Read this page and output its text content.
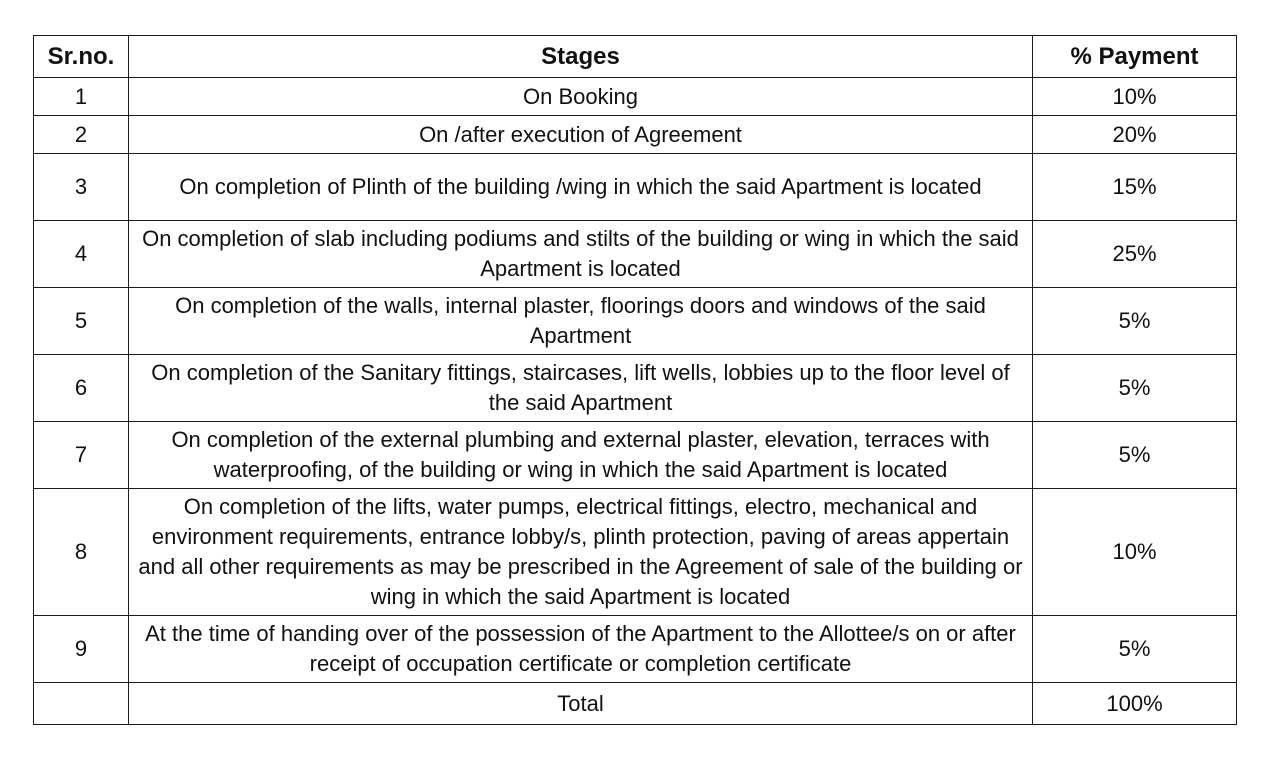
Sr.no.	Stages	% Payment
1	On Booking	10%
2	On /after execution of Agreement	20%
3	On completion of Plinth of the building /wing in which the said Apartment is located	15%
4	On completion of slab including podiums and stilts of the building or wing in which the said Apartment is located	25%
5	On completion of the walls, internal plaster, floorings doors and windows of the said Apartment	5%
6	On completion of the Sanitary fittings, staircases, lift wells, lobbies up to the floor level of the said Apartment	5%
7	On completion of the external plumbing and external plaster, elevation, terraces with waterproofing, of the building or wing in which the said Apartment is located	5%
8	On completion of the lifts, water pumps, electrical fittings, electro, mechanical and environment requirements, entrance lobby/s, plinth protection, paving of areas appertain and all other requirements as may be prescribed in the Agreement of sale of the building or wing in which the said Apartment is located	10%
9	At the time of handing over of the possession of the Apartment to the Allottee/s on or after receipt of occupation certificate or completion certificate	5%
	Total	100%
